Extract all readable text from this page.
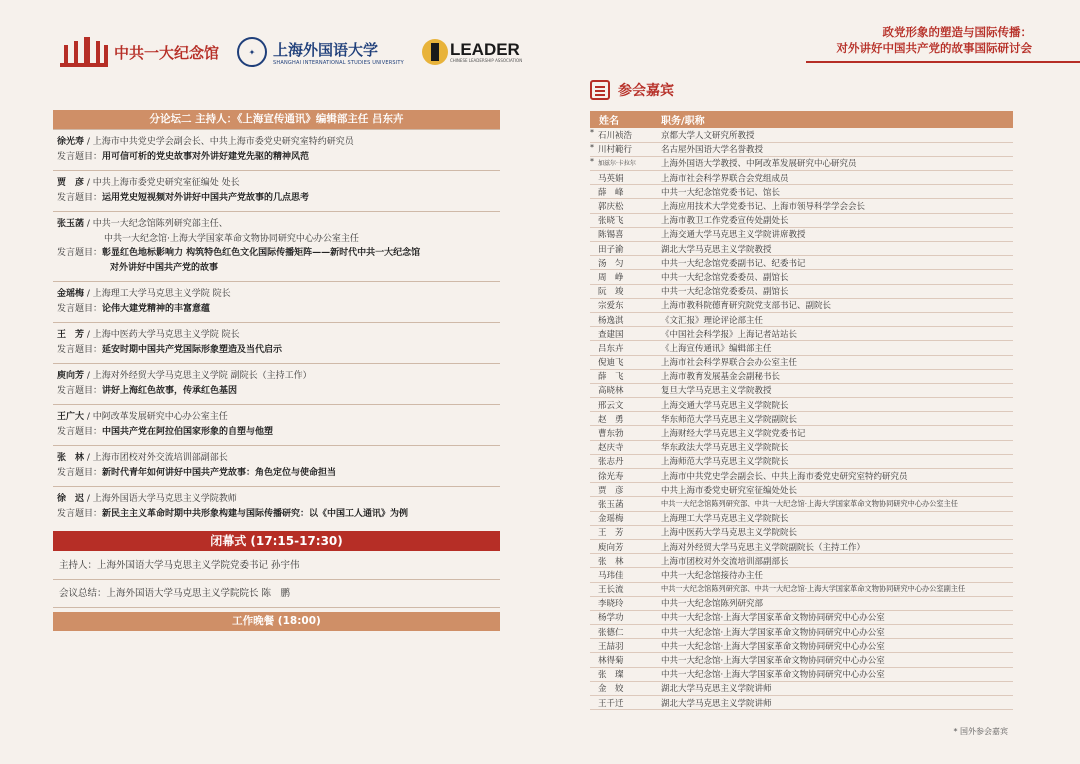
中共一大纪念馆	✦	上海外国语大学
SHANGHAI INTERNATIONAL STUDIES UNIVERSITY
LEADER
CHINESE LEADERSHIP ASSOCIATION
政党形象的塑造与国际传播：
对外讲好中国共产党的故事国际研讨会
分论坛二 主持人：《上海宣传通讯》编辑部主任 吕东卉
徐光寿 / 上海市中共党史学会副会长、中共上海市委党史研究室特约研究员
发言题目：用可信可析的党史故事对外讲好建党先驱的精神风范
贾　彦 / 中共上海市委党史研究室征编处 处长
发言题目：运用党史短视频对外讲好中国共产党故事的几点思考
张玉菡 / 中共一大纪念馆陈列研究部主任、
中共一大纪念馆·上海大学国家革命文物协同研究中心办公室主任
发言题目：彰显红色地标影响力 构筑特色红色文化国际传播矩阵——新时代中共一大纪念馆
对外讲好中国共产党的故事
金瑶梅 / 上海理工大学马克思主义学院 院长
发言题目：论伟大建党精神的丰富意蕴
王　芳 / 上海中医药大学马克思主义学院 院长
发言题目：延安时期中国共产党国际形象塑造及当代启示
庾向芳 / 上海对外经贸大学马克思主义学院 副院长（主持工作）
发言题目：讲好上海红色故事，传承红色基因
王广大 / 中阿改革发展研究中心办公室主任
发言题目：中国共产党在阿拉伯国家形象的自塑与他塑
张　林 / 上海市团校对外交流培训部副部长
发言题目：新时代青年如何讲好中国共产党故事：角色定位与使命担当
徐　迟 / 上海外国语大学马克思主义学院教师
发言题目：新民主主义革命时期中共形象构建与国际传播研究：以《中国工人通讯》为例
闭幕式 (17:15-17:30)
主持人：上海外国语大学马克思主义学院党委书记 孙宇伟
会议总结：上海外国语大学马克思主义学院院长 陈　鹏
工作晚餐 (18:00)
参会嘉宾
姓名	职务/职称

* 石川祯浩	京都大学人文研究所教授

* 川村範行	名古屋外国语大学名誉教授

* 加兹尔·卡拉尔	上海外国语大学教授、中阿改革发展研究中心研究员

马英娟	上海市社会科学界联合会党组成员

薛　峰	中共一大纪念馆党委书记、馆长

郭庆松	上海应用技术大学党委书记、上海市领导科学学会会长

张晓飞	上海市教卫工作党委宣传处副处长

陈锡喜	上海交通大学马克思主义学院讲席教授

田子渝	湖北大学马克思主义学院教授

汤　匀	中共一大纪念馆党委副书记、纪委书记

周　峥	中共一大纪念馆党委委员、副馆长

阮　竣	中共一大纪念馆党委委员、副馆长

宗爱东	上海市教科院德育研究院党支部书记、副院长

杨逸淇	《文汇报》理论评论部主任

查建国	《中国社会科学报》上海记者站站长

吕东卉	《上海宣传通讯》编辑部主任

倪迪飞	上海市社会科学界联合会办公室主任

薛　飞	上海市教育发展基金会副秘书长

高晓林	复旦大学马克思主义学院教授

邢云文	上海交通大学马克思主义学院院长

赵　勇	华东师范大学马克思主义学院副院长

曹东勃	上海财经大学马克思主义学院党委书记

赵庆寺	华东政法大学马克思主义学院院长

张志丹	上海师范大学马克思主义学院院长

徐光寿	上海市中共党史学会副会长、中共上海市委党史研究室特约研究员

贾　彦	中共上海市委党史研究室征编处处长

张玉菡	中共一大纪念馆陈列研究部、中共一大纪念馆·上海大学国家革命文物协同研究中心办公室主任

金瑶梅	上海理工大学马克思主义学院院长

王　芳	上海中医药大学马克思主义学院院长

庾向芳	上海对外经贸大学马克思主义学院副院长（主持工作）

张　林	上海市团校对外交流培训部副部长

马玮佳	中共一大纪念馆接待办主任

王长流	中共一大纪念馆陈列研究部、中共一大纪念馆·上海大学国家革命文物协同研究中心办公室副主任

李晓玲	中共一大纪念馆陈列研究部

杨学功	中共一大纪念馆·上海大学国家革命文物协同研究中心办公室

张德仁	中共一大纪念馆·上海大学国家革命文物协同研究中心办公室

王喆羽	中共一大纪念馆·上海大学国家革命文物协同研究中心办公室

林得菊	中共一大纪念馆·上海大学国家革命文物协同研究中心办公室

张　璨	中共一大纪念馆·上海大学国家革命文物协同研究中心办公室

金　姣	湖北大学马克思主义学院讲师

王千迁	湖北大学马克思主义学院讲师
* 国外参会嘉宾
